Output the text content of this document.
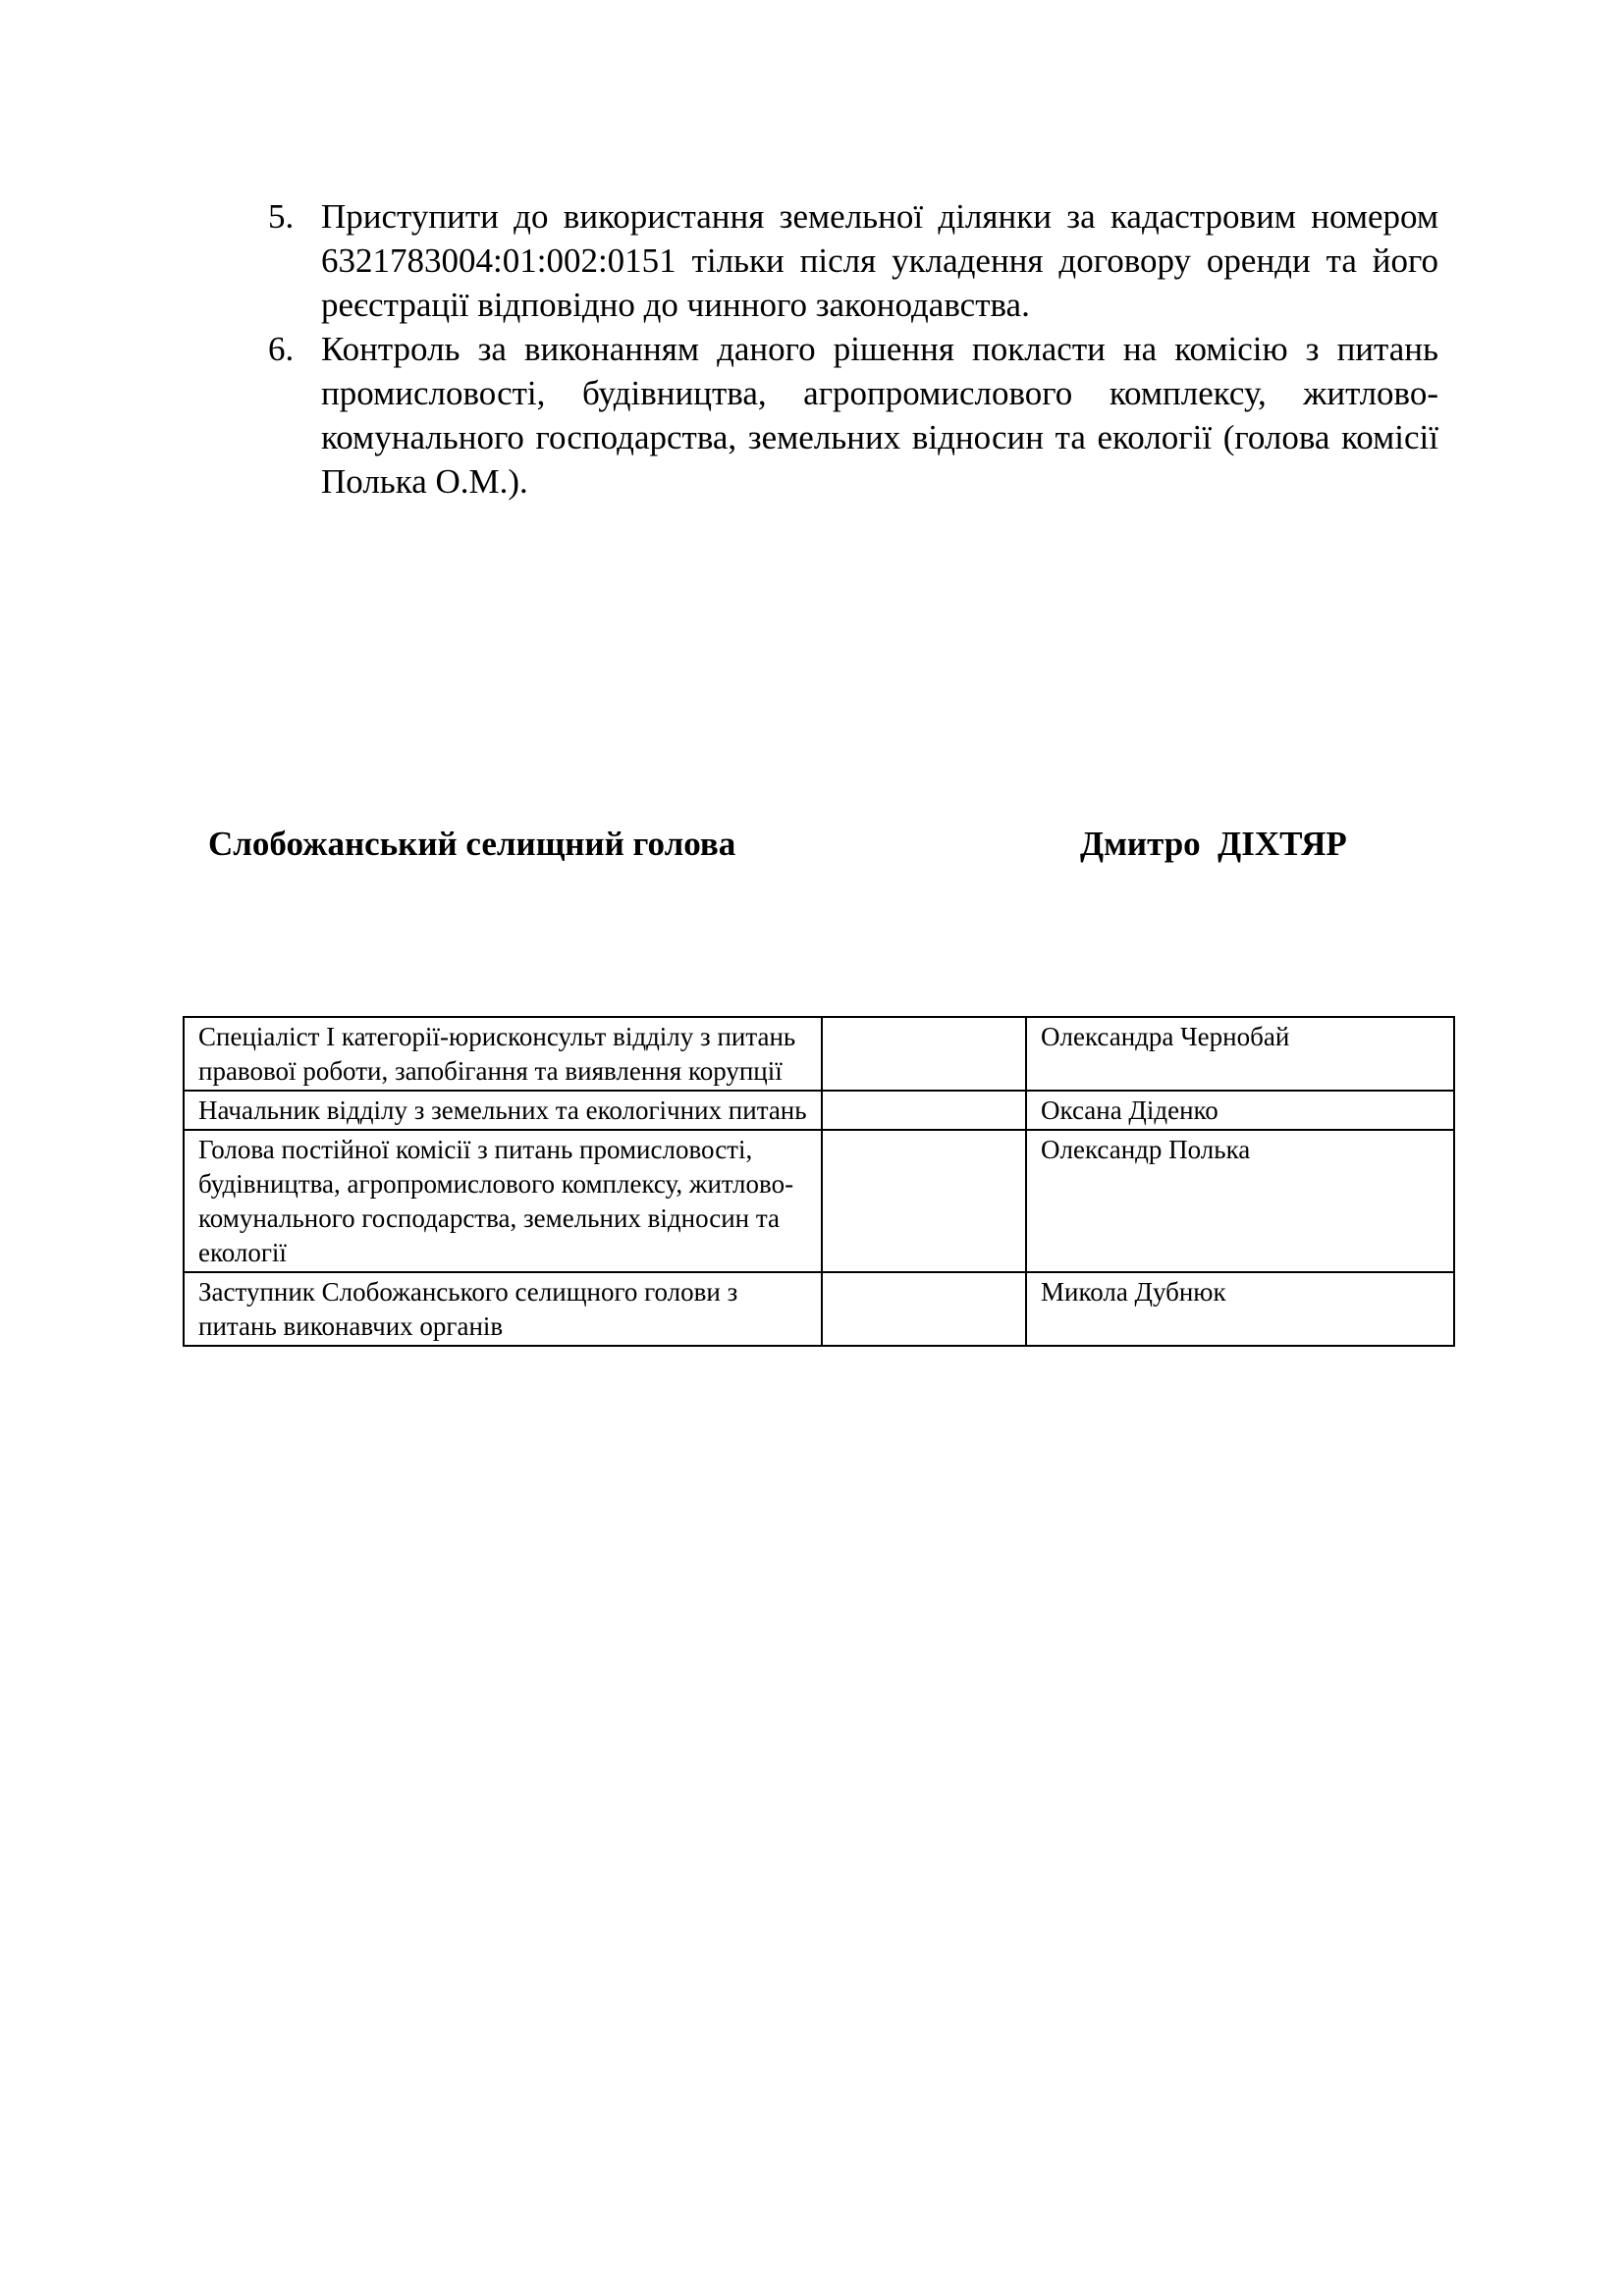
5. Приступити до використання земельної ділянки за кадастровим номером 6321783004:01:002:0151 тільки після укладення договору оренди та його реєстрації відповідно до чинного законодавства.
6. Контроль за виконанням даного рішення покласти на комісію з питань промисловості, будівництва, агропромислового комплексу, житлово-комунального господарства, земельних відносин та екології (голова комісії Полька О.М.).
Слобожанський селищний голова	Дмитро  ДІХТЯР
Спеціаліст І категорії-юрисконсульт відділу з питань правової роботи, запобігання та виявлення корупції		Олександра Чернобай
Начальник відділу з земельних та екологічних питань		Оксана Діденко
Голова постійної комісії з питань промисловості, будівництва, агропромислового комплексу, житлово-комунального господарства, земельних відносин та екології		Олександр Полька
Заступник Слобожанського селищного голови з питань виконавчих органів		Микола Дубнюк
